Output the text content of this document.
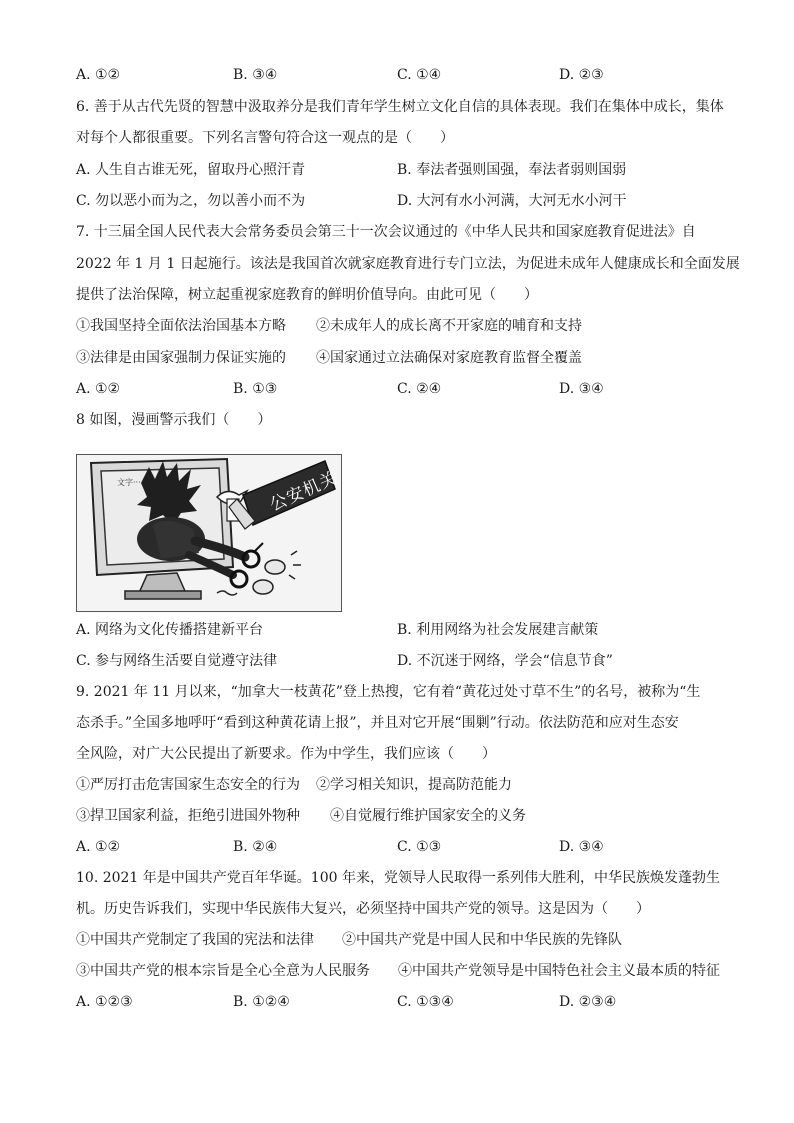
A. ①②	B. ③④	C. ①④	D. ②③
6. 善于从古代先贤的智慧中汲取养分是我们青年学生树立文化自信的具体表现。我们在集体中成长，集体
对每个人都很重要。下列名言警句符合这一观点的是（　　）
A. 人生自古谁无死，留取丹心照汗青	B. 奉法者强则国强，奉法者弱则国弱
C. 勿以恶小而为之，勿以善小而不为	D. 大河有水小河满，大河无水小河干
7. 十三届全国人民代表大会常务委员会第三十一次会议通过的《中华人民共和国家庭教育促进法》自
2022 年 1 月 1 日起施行。该法是我国首次就家庭教育进行专门立法，为促进未成年人健康成长和全面发展
提供了法治保障，树立起重视家庭教育的鲜明价值导向。由此可见（　　）
①我国坚持全面依法治国基本方略 ②未成年人的成长离不开家庭的哺育和支持
③法律是由国家强制力保证实施的 ④国家通过立法确保对家庭教育监督全覆盖
A. ①②	B. ①③	C. ②④	D. ③④
8 如图，漫画警示我们（　　）
文字···	公安机关
A. 网络为文化传播搭建新平台	B. 利用网络为社会发展建言献策
C. 参与网络生活要自觉遵守法律	D. 不沉迷于网络，学会“信息节食”
9. 2021 年 11 月以来，“加拿大一枝黄花”登上热搜，它有着“黄花过处寸草不生”的名号，被称为“生
态杀手。”全国多地呼吁“看到这种黄花请上报”，并且对它开展“围剿”行动。依法防范和应对生态安
全风险，对广大公民提出了新要求。作为中学生，我们应该（　　）
①严厉打击危害国家生态安全的行为 ②学习相关知识，提高防范能力
③捍卫国家利益，拒绝引进国外物种 ④自觉履行维护国家安全的义务
A. ①②	B. ②④	C. ①③	D. ③④
10. 2021 年是中国共产党百年华诞。100 年来，党领导人民取得一系列伟大胜利，中华民族焕发蓬勃生
机。历史告诉我们，实现中华民族伟大复兴，必须坚持中国共产党的领导。这是因为（　　）
①中国共产党制定了我国的宪法和法律 ②中国共产党是中国人民和中华民族的先锋队
③中国共产党的根本宗旨是全心全意为人民服务 ④中国共产党领导是中国特色社会主义最本质的特征
A. ①②③	B. ①②④	C. ①③④	D. ②③④
